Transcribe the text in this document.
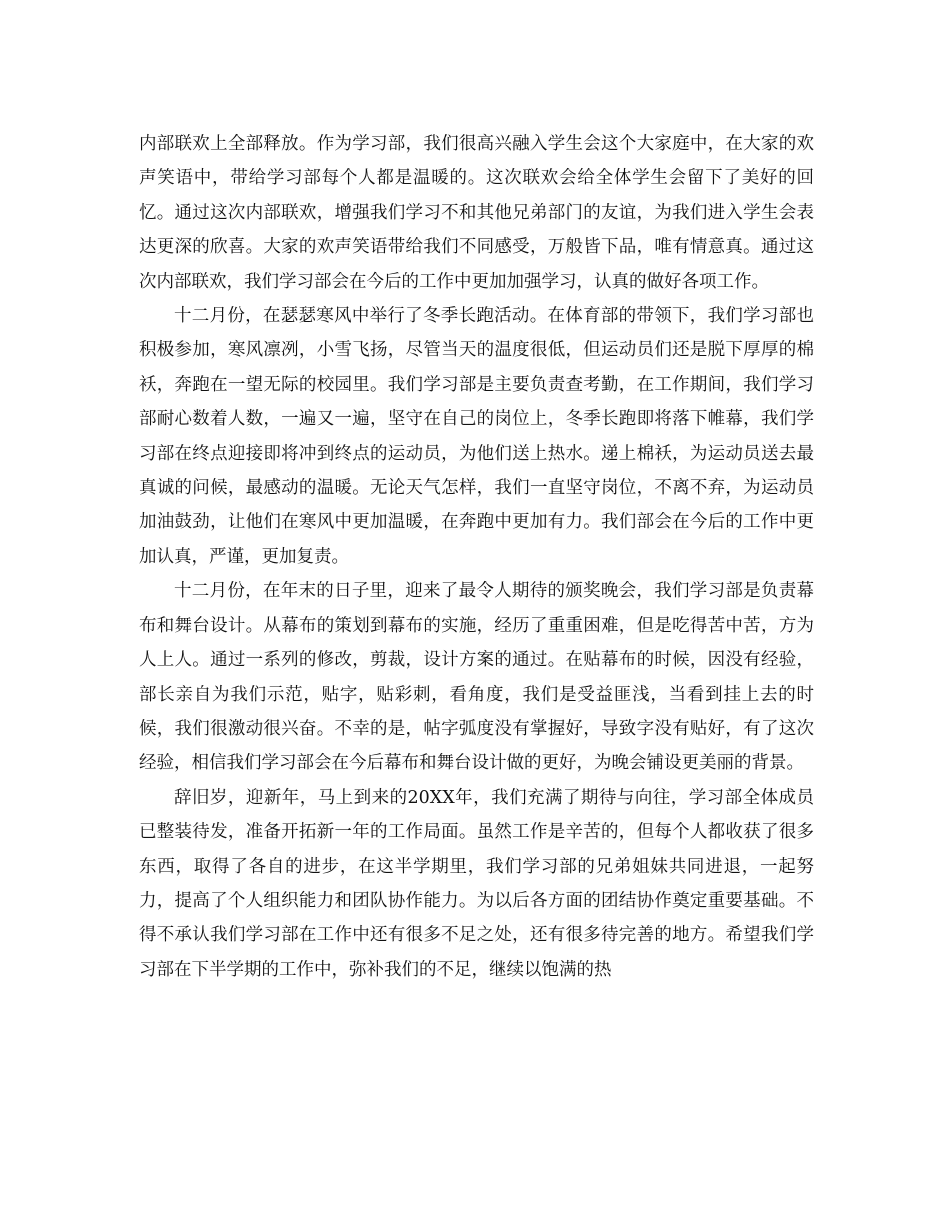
内部联欢上全部释放。作为学习部，我们很高兴融入学生会这个大家庭中，在大家的欢声笑语中，带给学习部每个人都是温暖的。这次联欢会给全体学生会留下了美好的回忆。通过这次内部联欢，增强我们学习不和其他兄弟部门的友谊，为我们进入学生会表达更深的欣喜。大家的欢声笑语带给我们不同感受，万般皆下品，唯有情意真。通过这次内部联欢，我们学习部会在今后的工作中更加加强学习，认真的做好各项工作。

十二月份，在瑟瑟寒风中举行了冬季长跑活动。在体育部的带领下，我们学习部也积极参加，寒风凛冽，小雪飞扬，尽管当天的温度很低，但运动员们还是脱下厚厚的棉袄，奔跑在一望无际的校园里。我们学习部是主要负责查考勤，在工作期间，我们学习部耐心数着人数，一遍又一遍，坚守在自己的岗位上，冬季长跑即将落下帷幕，我们学习部在终点迎接即将冲到终点的运动员，为他们送上热水。递上棉袄，为运动员送去最真诚的问候，最感动的温暖。无论天气怎样，我们一直坚守岗位，不离不弃，为运动员加油鼓劲，让他们在寒风中更加温暖，在奔跑中更加有力。我们部会在今后的工作中更加认真，严谨，更加复责。

十二月份，在年末的日子里，迎来了最令人期待的颁奖晚会，我们学习部是负责幕布和舞台设计。从幕布的策划到幕布的实施，经历了重重困难，但是吃得苦中苦，方为人上人。通过一系列的修改，剪裁，设计方案的通过。在贴幕布的时候，因没有经验，部长亲自为我们示范，贴字，贴彩刺，看角度，我们是受益匪浅，当看到挂上去的时候，我们很激动很兴奋。不幸的是，帖字弧度没有掌握好，导致字没有贴好，有了这次经验，相信我们学习部会在今后幕布和舞台设计做的更好，为晚会铺设更美丽的背景。

辞旧岁，迎新年，马上到来的20XX年，我们充满了期待与向往，学习部全体成员已整装待发，准备开拓新一年的工作局面。虽然工作是辛苦的，但每个人都收获了很多东西，取得了各自的进步，在这半学期里，我们学习部的兄弟姐妹共同进退，一起努力，提高了个人组织能力和团队协作能力。为以后各方面的团结协作奠定重要基础。不得不承认我们学习部在工作中还有很多不足之处，还有很多待完善的地方。希望我们学习部在下半学期的工作中，弥补我们的不足，继续以饱满的热
